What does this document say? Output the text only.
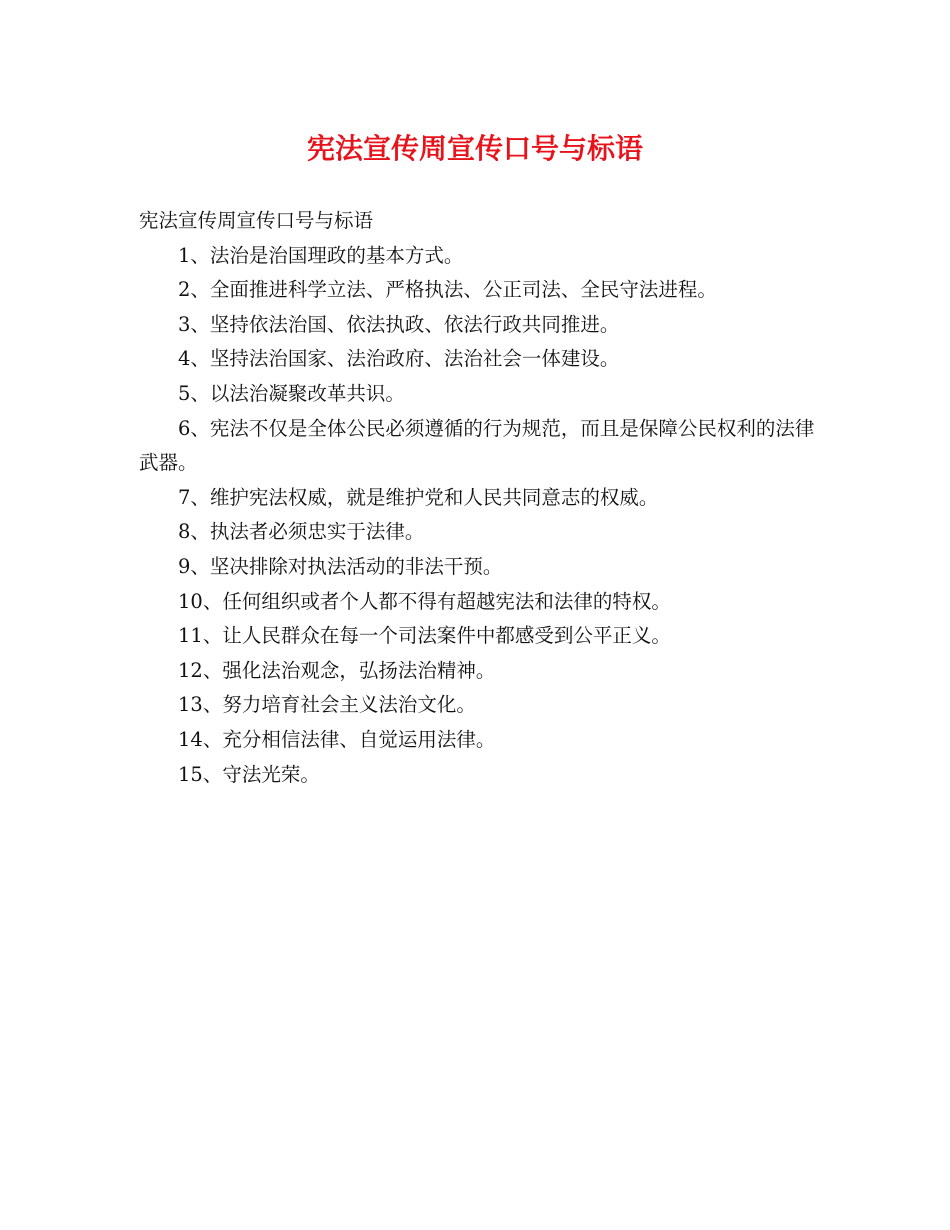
宪法宣传周宣传口号与标语

宪法宣传周宣传口号与标语

1、法治是治国理政的基本方式。

2、全面推进科学立法、严格执法、公正司法、全民守法进程。

3、坚持依法治国、依法执政、依法行政共同推进。

4、坚持法治国家、法治政府、法治社会一体建设。

5、以法治凝聚改革共识。

6、宪法不仅是全体公民必须遵循的行为规范，而且是保障公民权利的法律武器。

7、维护宪法权威，就是维护党和人民共同意志的权威。

8、执法者必须忠实于法律。

9、坚决排除对执法活动的非法干预。

10、任何组织或者个人都不得有超越宪法和法律的特权。

11、让人民群众在每一个司法案件中都感受到公平正义。

12、强化法治观念，弘扬法治精神。

13、努力培育社会主义法治文化。

14、充分相信法律、自觉运用法律。

15、守法光荣。
